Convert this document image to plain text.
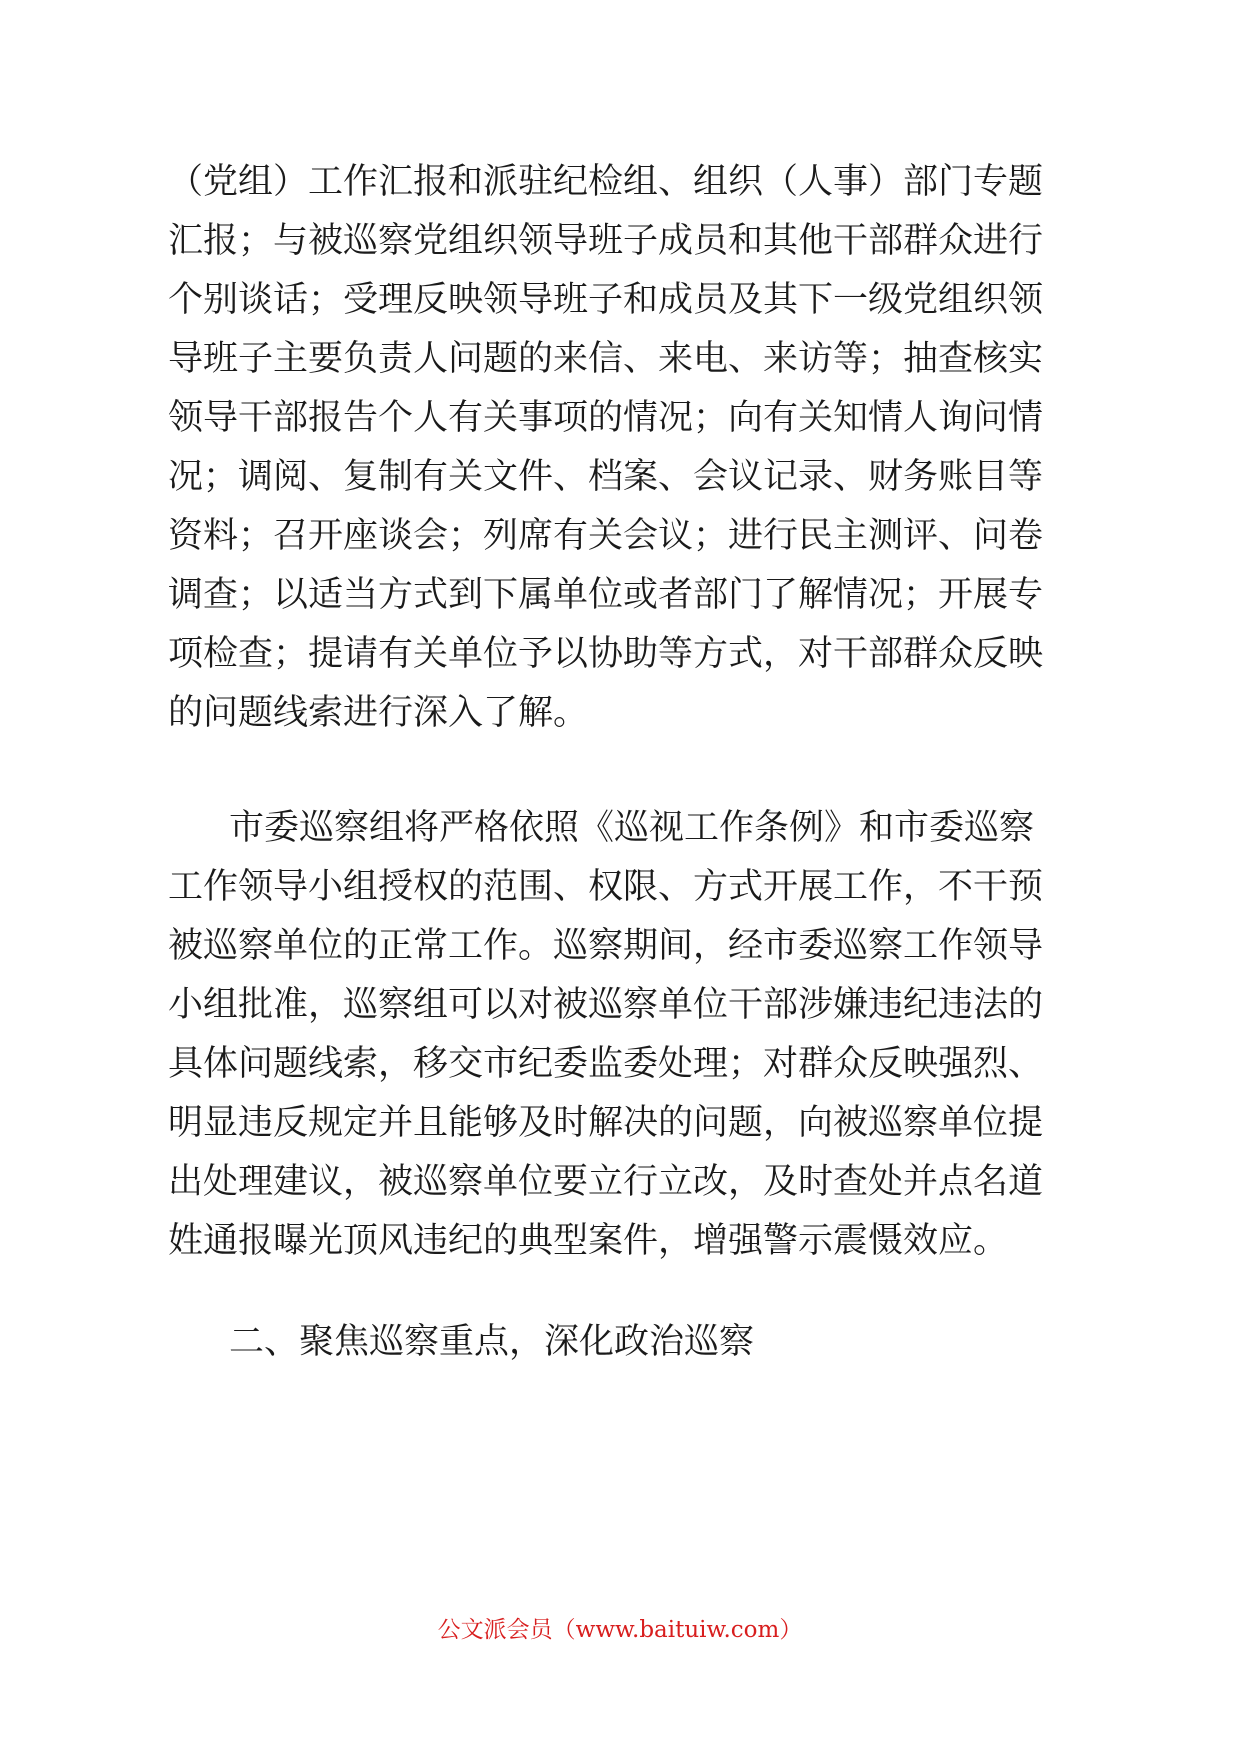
（党组）工作汇报和派驻纪检组、组织（人事）部门专题
汇报；与被巡察党组织领导班子成员和其他干部群众进行
个别谈话；受理反映领导班子和成员及其下一级党组织领
导班子主要负责人问题的来信、来电、来访等；抽查核实
领导干部报告个人有关事项的情况；向有关知情人询问情
况；调阅、复制有关文件、档案、会议记录、财务账目等
资料；召开座谈会；列席有关会议；进行民主测评、问卷
调查；以适当方式到下属单位或者部门了解情况；开展专
项检查；提请有关单位予以协助等方式，对干部群众反映
的问题线索进行深入了解。
市委巡察组将严格依照《巡视工作条例》和市委巡察
工作领导小组授权的范围、权限、方式开展工作，不干预
被巡察单位的正常工作。巡察期间，经市委巡察工作领导
小组批准，巡察组可以对被巡察单位干部涉嫌违纪违法的
具体问题线索，移交市纪委监委处理；对群众反映强烈、
明显违反规定并且能够及时解决的问题，向被巡察单位提
出处理建议，被巡察单位要立行立改，及时查处并点名道
姓通报曝光顶风违纪的典型案件，增强警示震慑效应。
二、聚焦巡察重点，深化政治巡察
公文派会员（www.baituiw.com）
